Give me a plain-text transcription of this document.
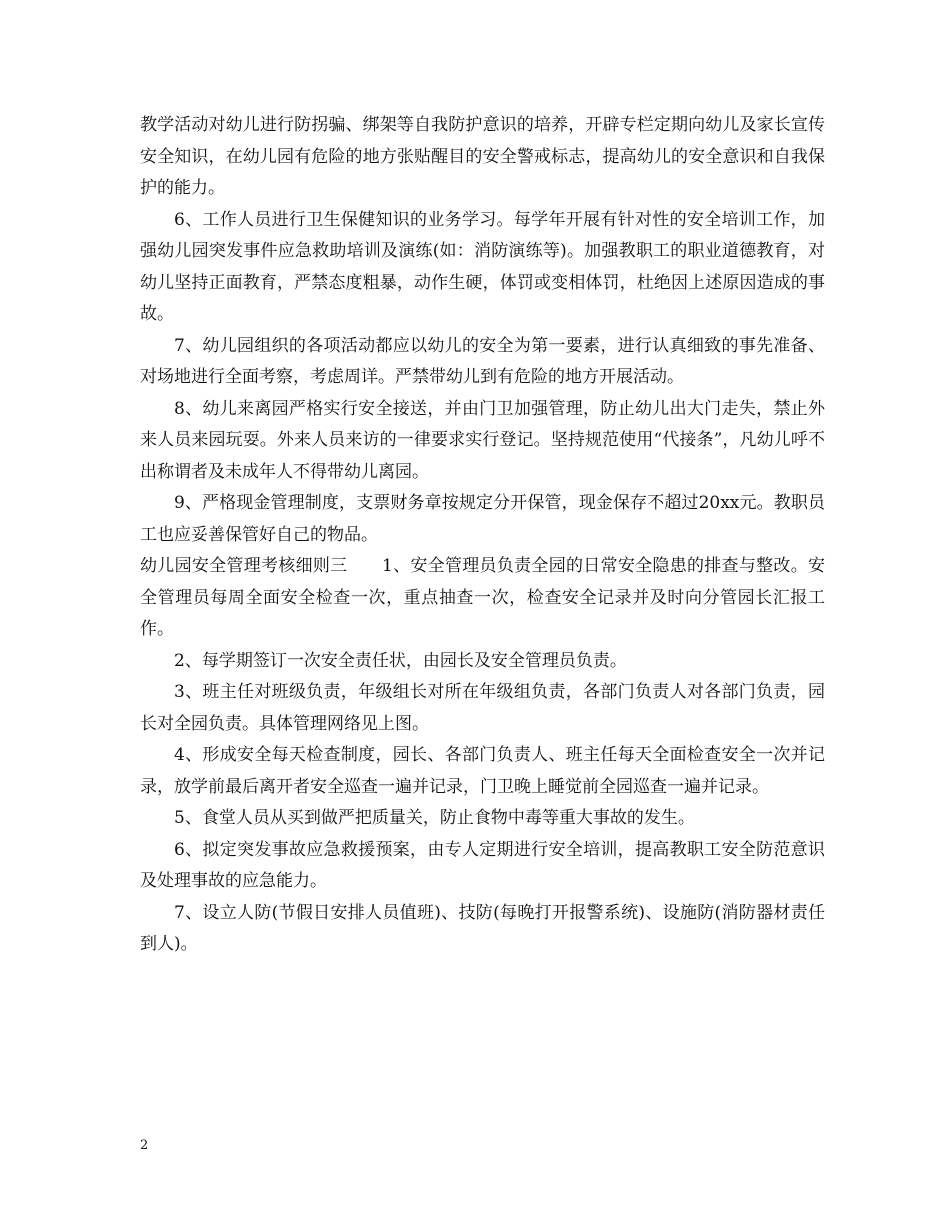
教学活动对幼儿进行防拐骗、绑架等自我防护意识的培养，开辟专栏定期向幼儿及家长宣传安全知识，在幼儿园有危险的地方张贴醒目的安全警戒标志，提高幼儿的安全意识和自我保护的能力。

6、工作人员进行卫生保健知识的业务学习。每学年开展有针对性的安全培训工作，加强幼儿园突发事件应急救助培训及演练(如：消防演练等)。加强教职工的职业道德教育，对幼儿坚持正面教育，严禁态度粗暴，动作生硬，体罚或变相体罚，杜绝因上述原因造成的事故。

7、幼儿园组织的各项活动都应以幼儿的安全为第一要素，进行认真细致的事先准备、对场地进行全面考察，考虑周详。严禁带幼儿到有危险的地方开展活动。

8、幼儿来离园严格实行安全接送，并由门卫加强管理，防止幼儿出大门走失，禁止外来人员来园玩耍。外来人员来访的一律要求实行登记。坚持规范使用“代接条”，凡幼儿呼不出称谓者及未成年人不得带幼儿离园。

9、严格现金管理制度，支票财务章按规定分开保管，现金保存不超过20xx元。教职员工也应妥善保管好自己的物品。

幼儿园安全管理考核细则三　　1、安全管理员负责全园的日常安全隐患的排查与整改。安全管理员每周全面安全检查一次，重点抽查一次，检查安全记录并及时向分管园长汇报工作。

2、每学期签订一次安全责任状，由园长及安全管理员负责。

3、班主任对班级负责，年级组长对所在年级组负责，各部门负责人对各部门负责，园长对全园负责。具体管理网络见上图。

4、形成安全每天检查制度，园长、各部门负责人、班主任每天全面检查安全一次并记录，放学前最后离开者安全巡查一遍并记录，门卫晚上睡觉前全园巡查一遍并记录。

5、食堂人员从买到做严把质量关，防止食物中毒等重大事故的发生。

6、拟定突发事故应急救援预案，由专人定期进行安全培训，提高教职工安全防范意识及处理事故的应急能力。

7、设立人防(节假日安排人员值班)、技防(每晚打开报警系统)、设施防(消防器材责任到人)。

2
